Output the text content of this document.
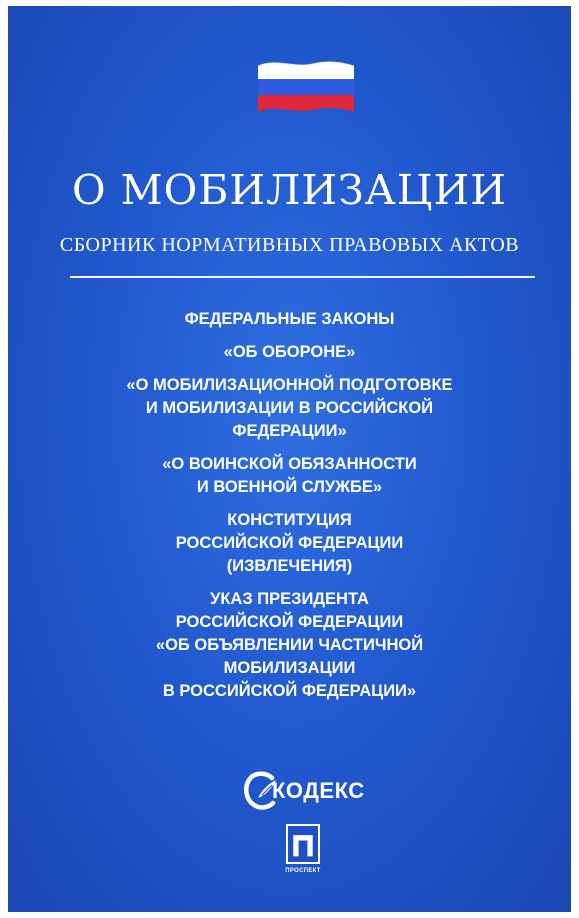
О МОБИЛИЗАЦИИ
СБОРНИК НОРМАТИВНЫХ ПРАВОВЫХ АКТОВ
ФЕДЕРАЛЬНЫЕ ЗАКОНЫ
«ОБ ОБОРОНЕ»
«О МОБИЛИЗАЦИОННОЙ ПОДГОТОВКЕ
И МОБИЛИЗАЦИИ В РОССИЙСКОЙ
ФЕДЕРАЦИИ»
«О ВОИНСКОЙ ОБЯЗАННОСТИ
И ВОЕННОЙ СЛУЖБЕ»
КОНСТИТУЦИЯ
РОССИЙСКОЙ ФЕДЕРАЦИИ
(ИЗВЛЕЧЕНИЯ)
УКАЗ ПРЕЗИДЕНТА
РОССИЙСКОЙ ФЕДЕРАЦИИ
«ОБ ОБЪЯВЛЕНИИ ЧАСТИЧНОЙ
МОБИЛИЗАЦИИ
В РОССИЙСКОЙ ФЕДЕРАЦИИ»
КОДЕКС
ПРОСПЕКТ
